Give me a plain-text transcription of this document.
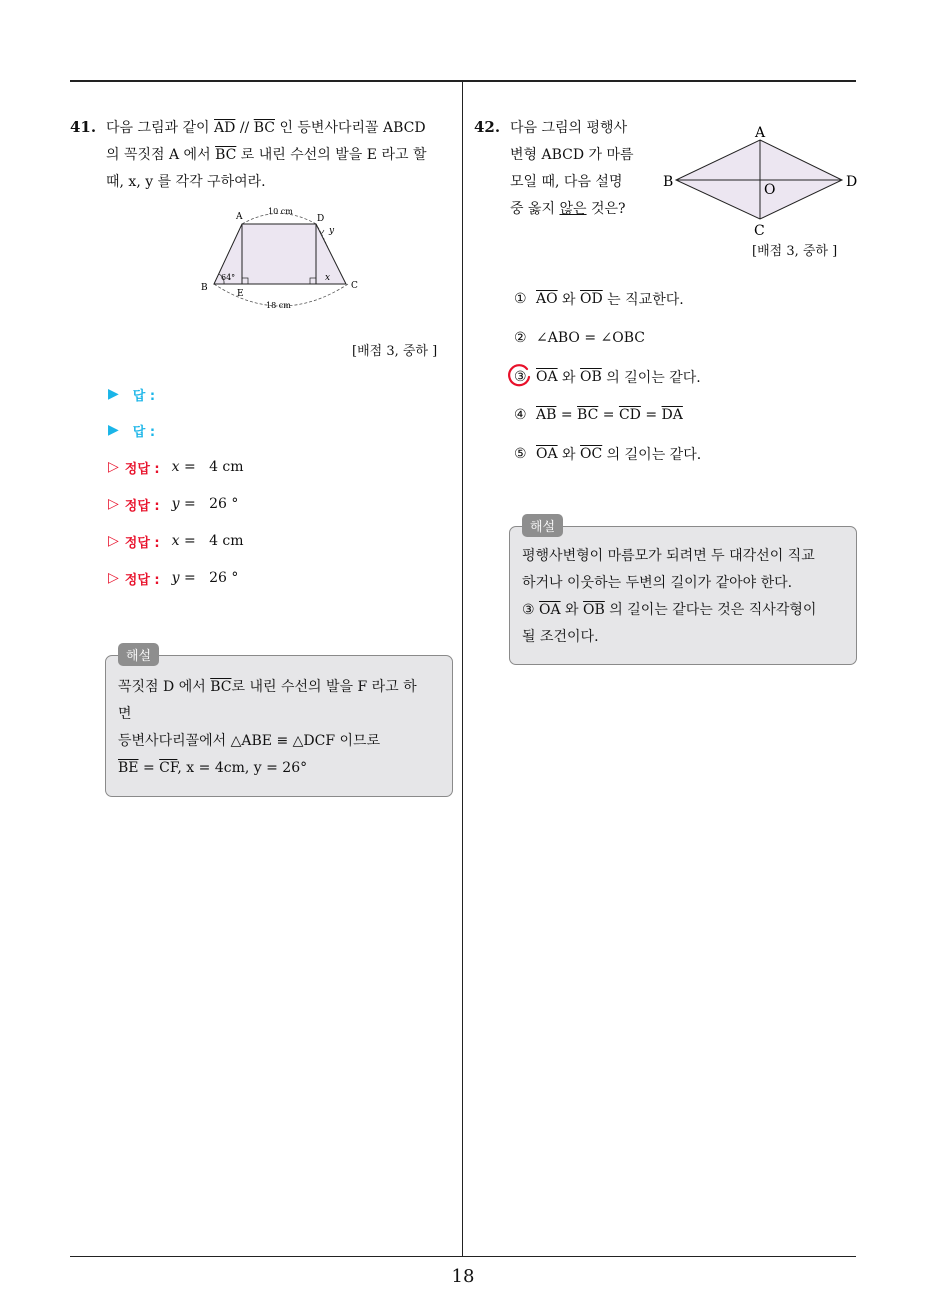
41. 다음 그림과 같이 $\overline{AD} // \overline{BC}$ 인 등변사다리꼴 ABCD
의 꼭짓점 A 에서 $\overline{BC}$ 로 내린 수선의 발을 E 라고 할
때, x, y 를 각각 구하여라.
A	D
B	C
E
10 cm
18 cm
64°
y
x
[배점 3, 중하 ]
▶ 답 :
▶ 답 :
▷ 정답 : x = 4 cm
▷ 정답 : y = 26 °
▷ 정답 : x = 4 cm
▷ 정답 : y = 26 °
꼭짓점 D 에서 $\overline{BC}$로 내린 수선의 발을 F 라고 하
면
등변사다리꼴에서 △ABE ≡ △DCF 이므로
$\overline{BE} = \overline{CF}$, x = 4cm, y = 26°
해설
42. 다음 그림의 평행사
변형 ABCD 가 마름
모일 때, 다음 설명
중 옳지 않은 것은?
A
B
C
D
O
[배점 3, 중하 ]
① $\overline{AO}$ 와 $\overline{OD}$ 는 직교한다.
② ∠ABO = ∠OBC
③ $\overline{OA}$ 와 $\overline{OB}$ 의 길이는 같다.
④ $\overline{AB} = \overline{BC} = \overline{CD} = \overline{DA}$
⑤ $\overline{OA}$ 와 $\overline{OC}$ 의 길이는 같다.
평행사변형이 마름모가 되려면 두 대각선이 직교
하거나 이웃하는 두변의 길이가 같아야 한다.
③ $\overline{OA}$ 와 $\overline{OB}$ 의 길이는 같다는 것은 직사각형이
될 조건이다.
해설
18
